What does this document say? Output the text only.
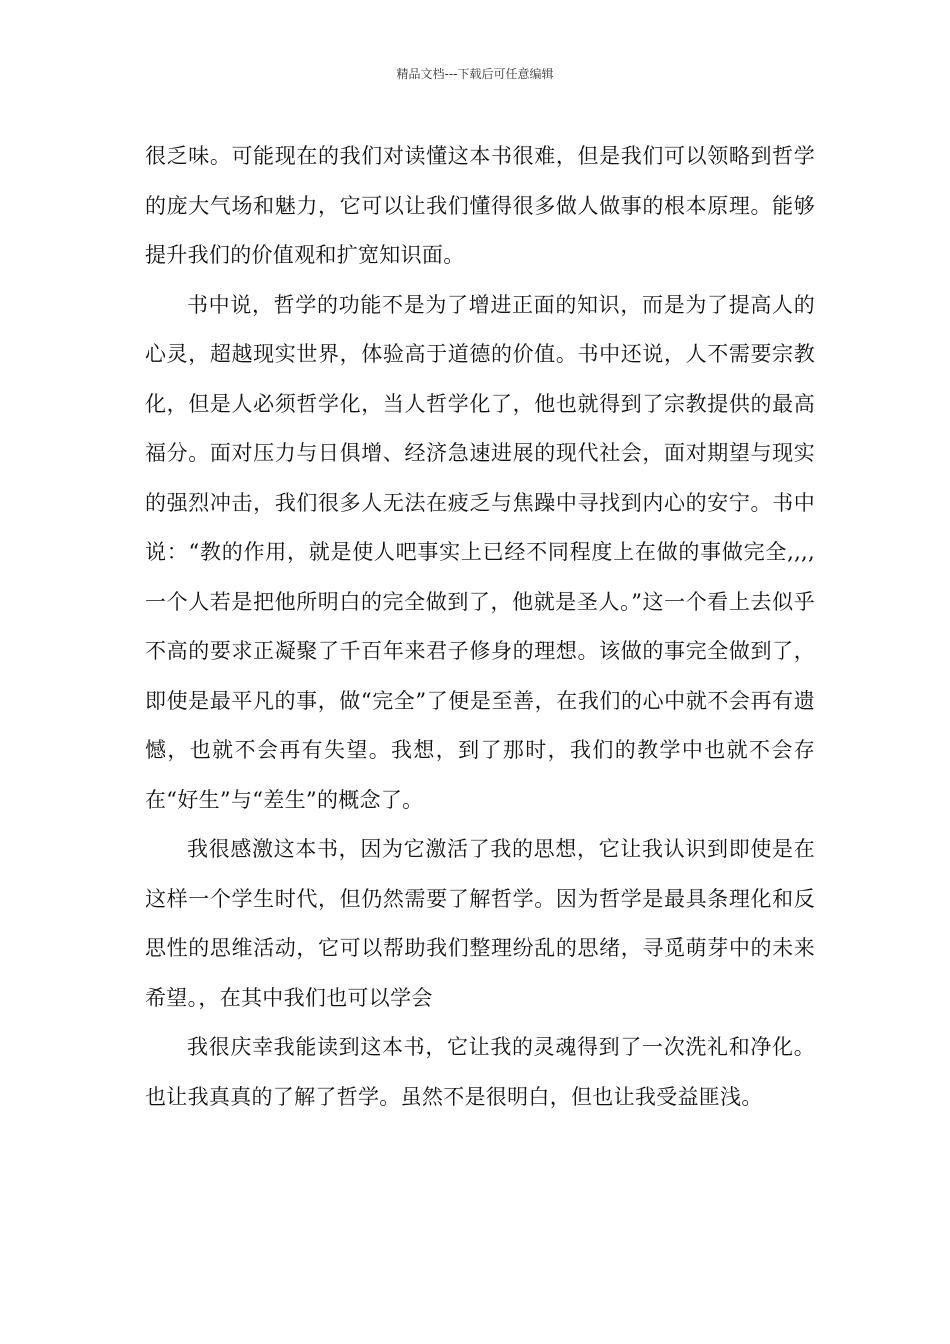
精品文档---下载后可任意编辑

很乏味。可能现在的我们对读懂这本书很难，但是我们可以领略到哲学的庞大气场和魅力，它可以让我们懂得很多做人做事的根本原理。能够提升我们的价值观和扩宽知识面。

书中说，哲学的功能不是为了增进正面的知识，而是为了提高人的心灵，超越现实世界，体验高于道德的价值。书中还说，人不需要宗教化，但是人必须哲学化，当人哲学化了，他也就得到了宗教提供的最高福分。面对压力与日俱增、经济急速进展的现代社会，面对期望与现实的强烈冲击，我们很多人无法在疲乏与焦躁中寻找到内心的安宁。书中说：“教的作用，就是使人吧事实上已经不同程度上在做的事做完全,,,,一个人若是把他所明白的完全做到了，他就是圣人。”这一个看上去似乎不高的要求正凝聚了千百年来君子修身的理想。该做的事完全做到了，即使是最平凡的事，做“完全”了便是至善，在我们的心中就不会再有遗憾，也就不会再有失望。我想，到了那时，我们的教学中也就不会存在“好生”与“差生”的概念了。

我很感激这本书，因为它激活了我的思想，它让我认识到即使是在这样一个学生时代，但仍然需要了解哲学。因为哲学是最具条理化和反思性的思维活动，它可以帮助我们整理纷乱的思绪，寻觅萌芽中的未来希望。，在其中我们也可以学会

我很庆幸我能读到这本书，它让我的灵魂得到了一次洗礼和净化。也让我真真的了解了哲学。虽然不是很明白，但也让我受益匪浅。
